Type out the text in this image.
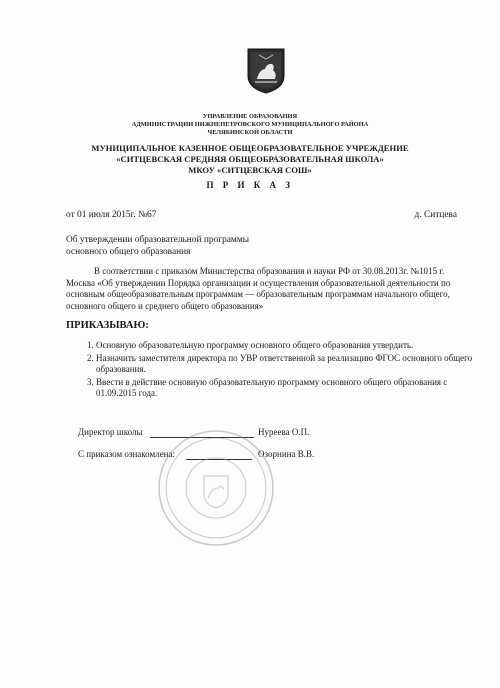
УПРАВЛЕНИЕ ОБРАЗОВАНИЯ
АДМИНИСТРАЦИИ НИЖНЕПЕТРОВСКОГО МУНИЦИПАЛЬНОГО РАЙОНА
ЧЕЛЯБИНСКОЙ ОБЛАСТИ
МУНИЦИПАЛЬНОЕ КАЗЕННОЕ ОБЩЕОБРАЗОВАТЕЛЬНОЕ УЧРЕЖДЕНИЕ
«СИТЦЕВСКАЯ СРЕДНЯЯ ОБЩЕОБРАЗОВАТЕЛЬНАЯ ШКОЛА»
МКОУ «СИТЦЕВСКАЯ СОШ»
П Р И К А З
от 01 июля 2015г. №67	д. Ситцева
Об утверждении образовательной программы
основного общего образования
В соответствии с приказом Министерства образования и науки РФ от 30.08.2013г. №1015 г. Москва «Об утверждении Порядка организации и осуществления образовательной деятельности по основным общеобразовательным программам — образовательным программам начального общего, основного общего и среднего общего образования»
ПРИКАЗЫВАЮ:
1. Основную образовательную программу основного общего образования утвердить.
2. Назначить заместителя директора по УВР ответственной за реализацию ФГОС основного общего образования.
3. Ввести в действие основную образовательную программу основного общего образования с 01.09.2015 года.
Директор школы	Нуреева О.П.
С приказом ознакомлена:	Озорнина В.В.
